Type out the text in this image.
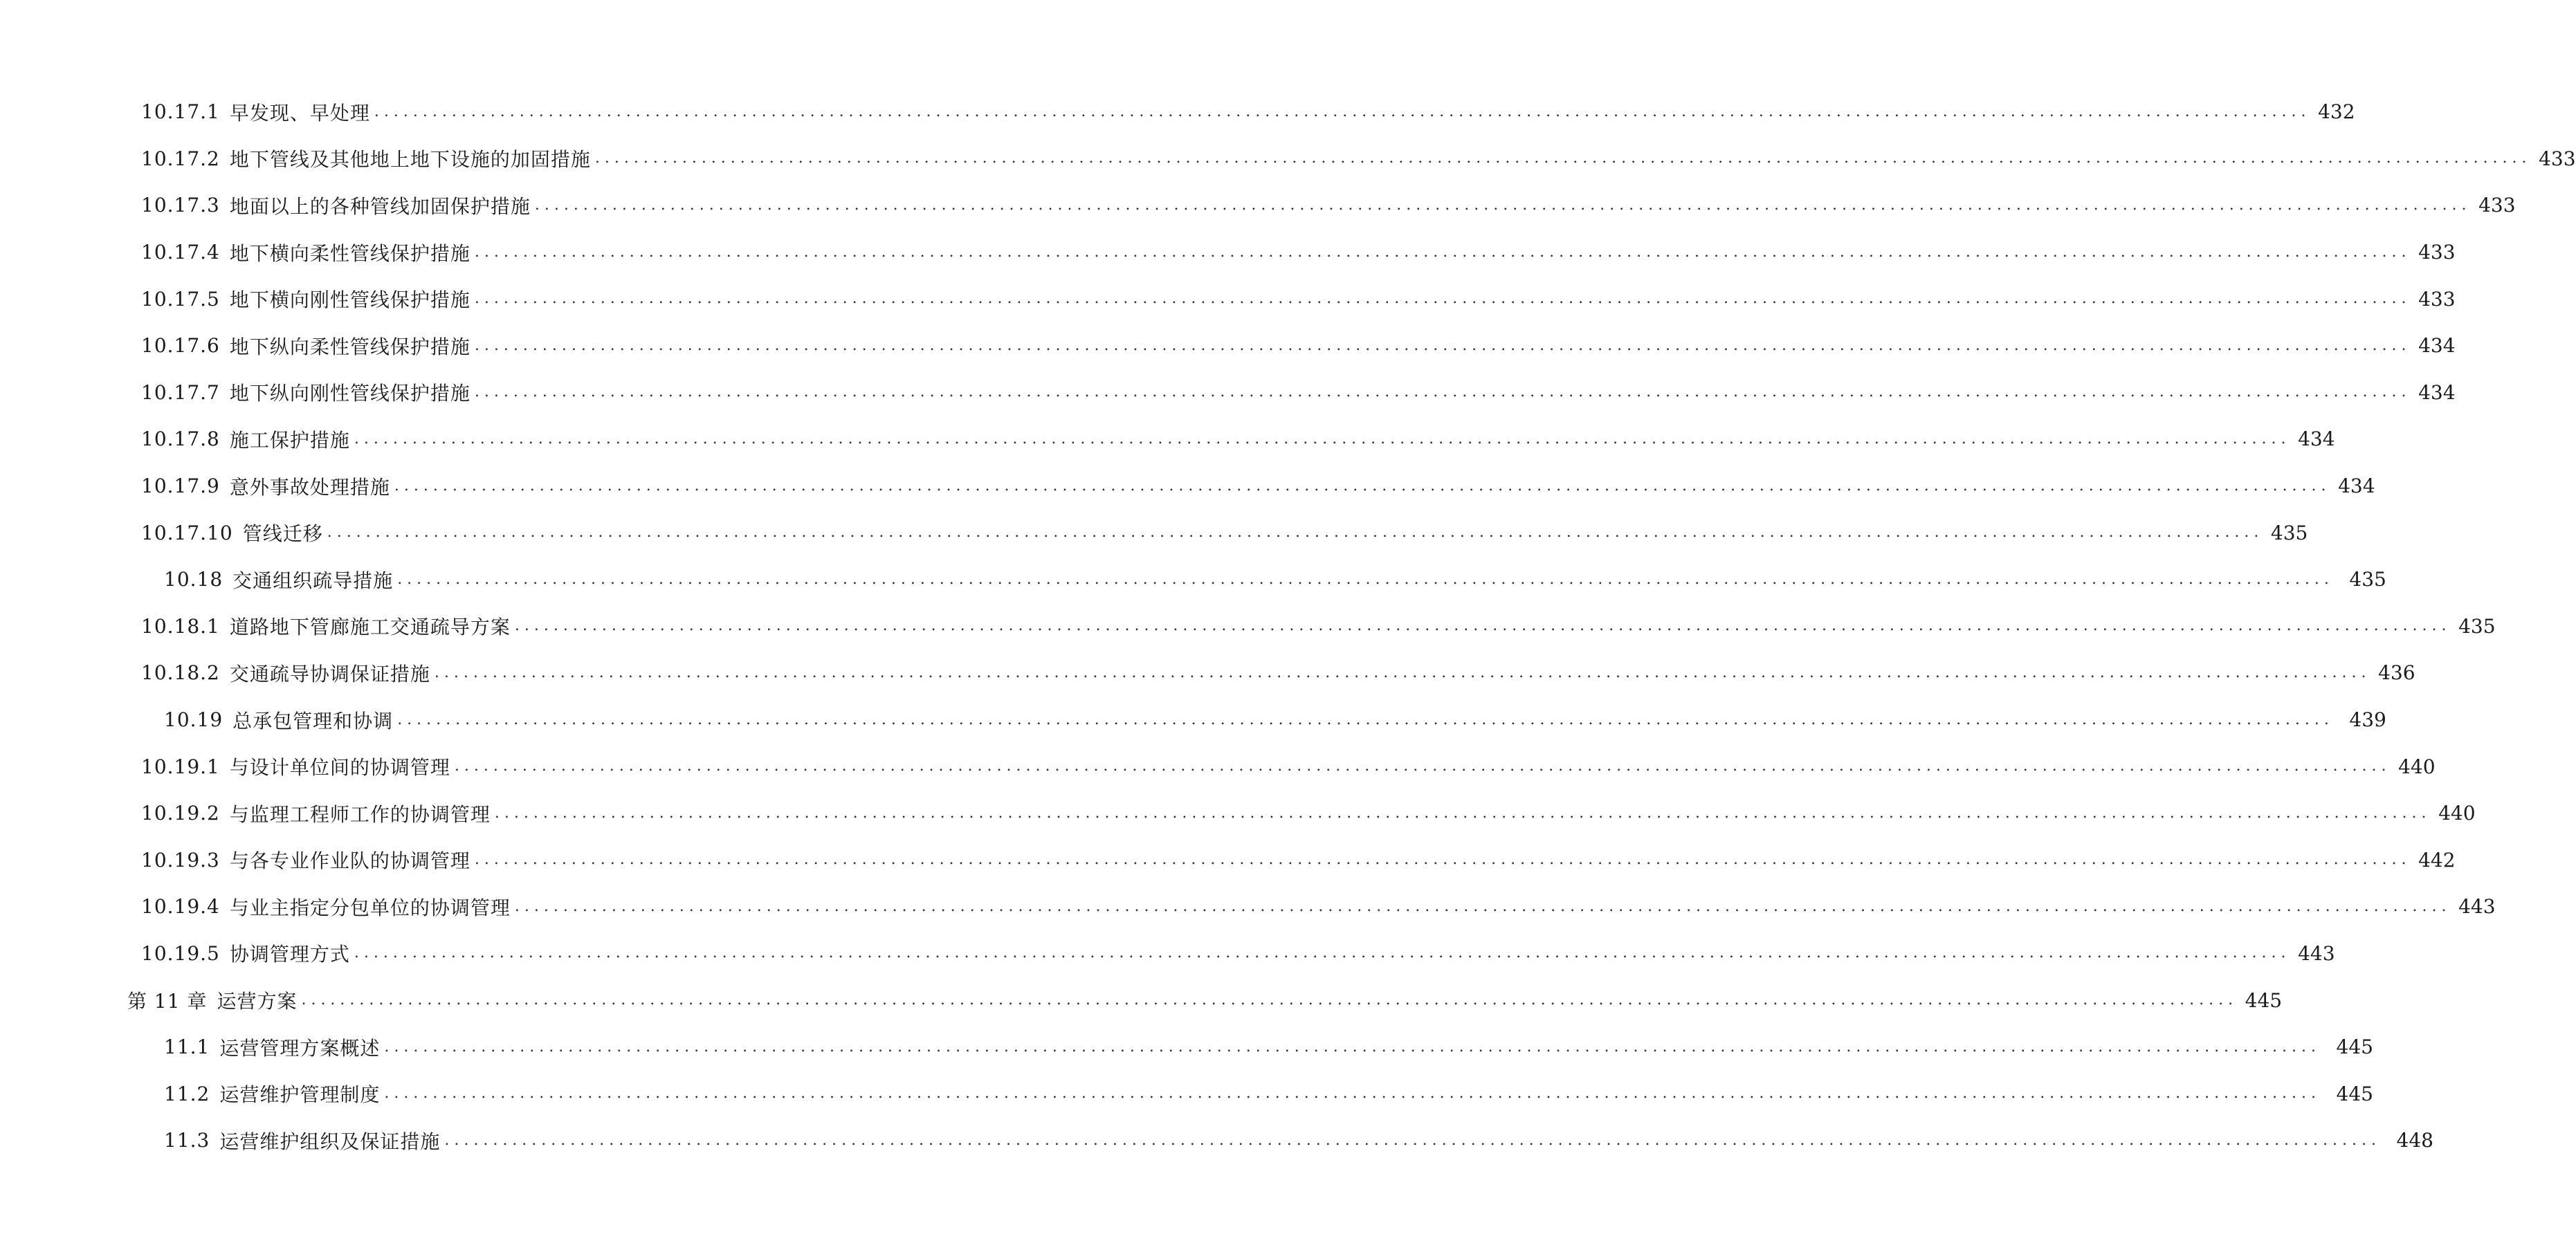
10.17.1 早发现、早处理 ........................................................................................................................................................................................................ 432
10.17.2 地下管线及其他地上地下设施的加固措施 ........................................................................................................................................................................................................ 433
10.17.3 地面以上的各种管线加固保护措施 ........................................................................................................................................................................................................ 433
10.17.4 地下横向柔性管线保护措施 ........................................................................................................................................................................................................ 433
10.17.5 地下横向刚性管线保护措施 ........................................................................................................................................................................................................ 433
10.17.6 地下纵向柔性管线保护措施 ........................................................................................................................................................................................................ 434
10.17.7 地下纵向刚性管线保护措施 ........................................................................................................................................................................................................ 434
10.17.8 施工保护措施 ........................................................................................................................................................................................................ 434
10.17.9 意外事故处理措施 ........................................................................................................................................................................................................ 434
10.17.10 管线迁移 ........................................................................................................................................................................................................ 435
10.18 交通组织疏导措施 ........................................................................................................................................................................................................ 435
10.18.1 道路地下管廊施工交通疏导方案 ........................................................................................................................................................................................................ 435
10.18.2 交通疏导协调保证措施 ........................................................................................................................................................................................................ 436
10.19 总承包管理和协调 ........................................................................................................................................................................................................ 439
10.19.1 与设计单位间的协调管理 ........................................................................................................................................................................................................ 440
10.19.2 与监理工程师工作的协调管理 ........................................................................................................................................................................................................ 440
10.19.3 与各专业作业队的协调管理 ........................................................................................................................................................................................................ 442
10.19.4 与业主指定分包单位的协调管理 ........................................................................................................................................................................................................ 443
10.19.5 协调管理方式 ........................................................................................................................................................................................................ 443
第 11 章 运营方案 ........................................................................................................................................................................................................ 445
11.1 运营管理方案概述 ........................................................................................................................................................................................................ 445
11.2 运营维护管理制度 ........................................................................................................................................................................................................ 445
11.3 运营维护组织及保证措施 ........................................................................................................................................................................................................ 448
